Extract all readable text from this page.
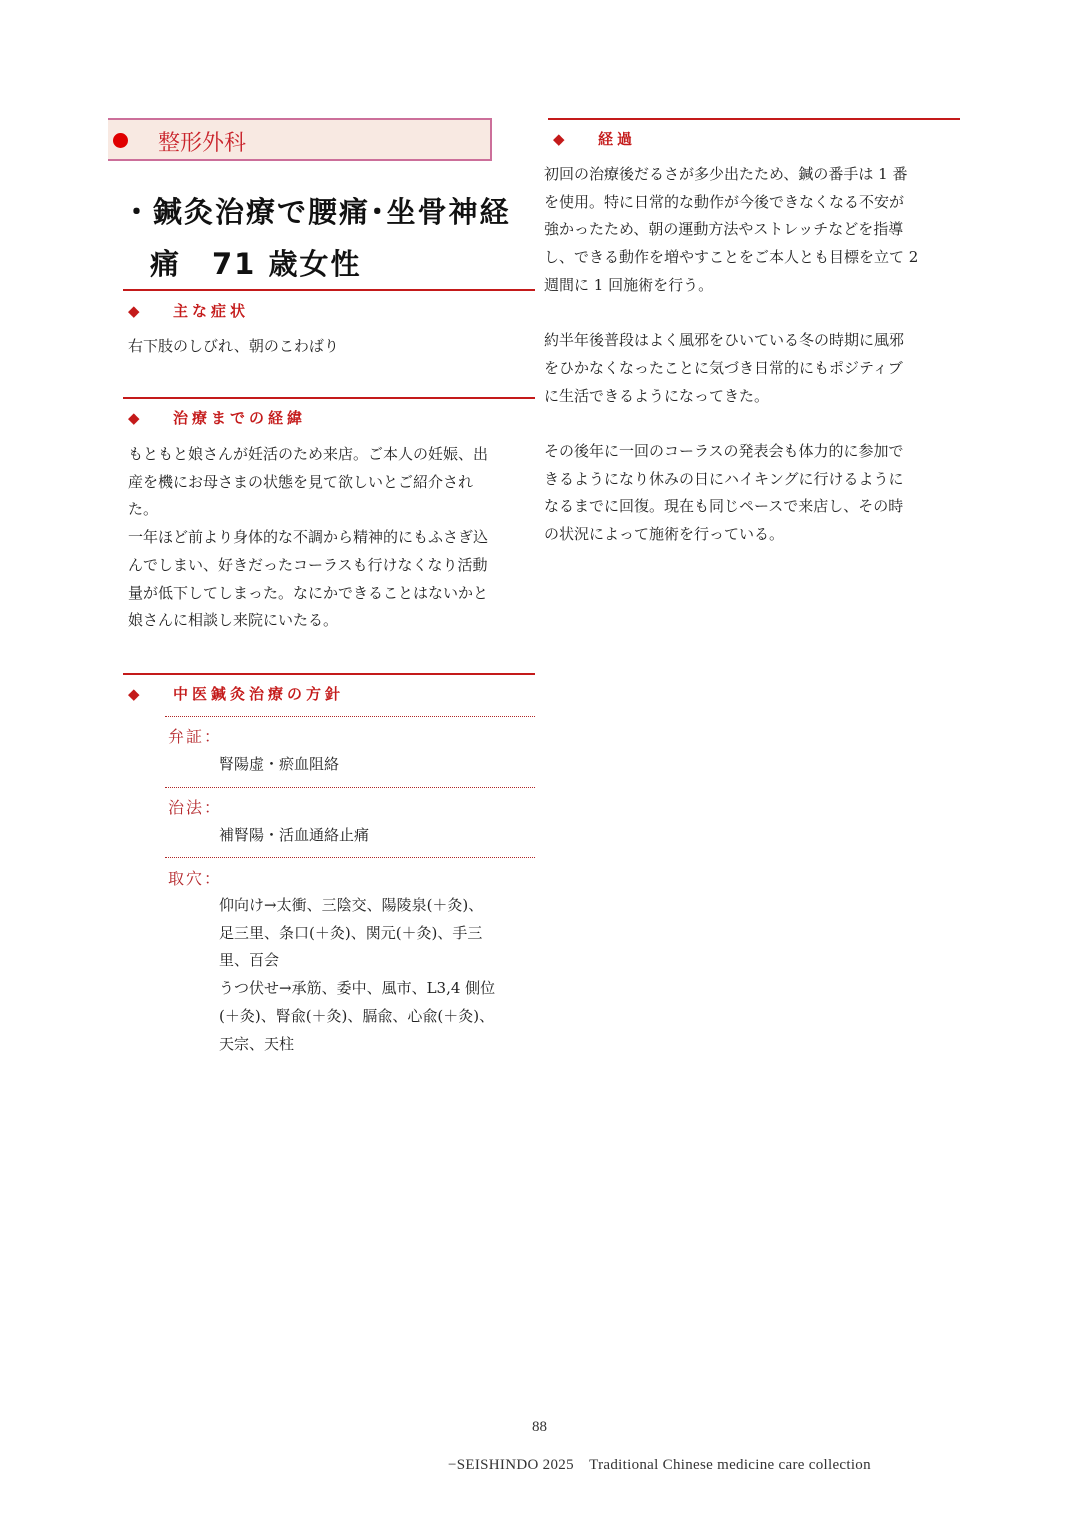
整形外科
・鍼灸治療で腰痛･坐骨神経
痛　71 歳女性
◆ 主な症状
右下肢のしびれ、朝のこわばり
◆ 治療までの経緯
もともと娘さんが妊活のため来店。ご本人の妊娠、出
産を機にお母さまの状態を見て欲しいとご紹介され
た。
一年ほど前より身体的な不調から精神的にもふさぎ込
んでしまい、好きだったコーラスも行けなくなり活動
量が低下してしまった。なにかできることはないかと
娘さんに相談し来院にいたる。
◆ 中医鍼灸治療の方針
弁証：
腎陽虚・瘀血阻絡
治法：
補腎陽・活血通絡止痛
取穴：
仰向け→太衝、三陰交、陽陵泉(＋灸)、
足三里、条口(＋灸)、関元(＋灸)、手三
里、百会
うつ伏せ→承筋、委中、風市、L3,4 側位
(＋灸)、腎兪(＋灸)、膈兪、心兪(＋灸)、
天宗、天柱
◆ 経過
初回の治療後だるさが多少出たため、鍼の番手は 1 番
を使用。特に日常的な動作が今後できなくなる不安が
強かったため、朝の運動方法やストレッチなどを指導
し、できる動作を増やすことをご本人とも目標を立て 2
週間に 1 回施術を行う。
約半年後普段はよく風邪をひいている冬の時期に風邪
をひかなくなったことに気づき日常的にもポジティブ
に生活できるようになってきた。
その後年に一回のコーラスの発表会も体力的に参加で
きるようになり休みの日にハイキングに行けるように
なるまでに回復。現在も同じペースで来店し、その時
の状況によって施術を行っている。
88
−SEISHINDO 2025　Traditional Chinese medicine care collection
